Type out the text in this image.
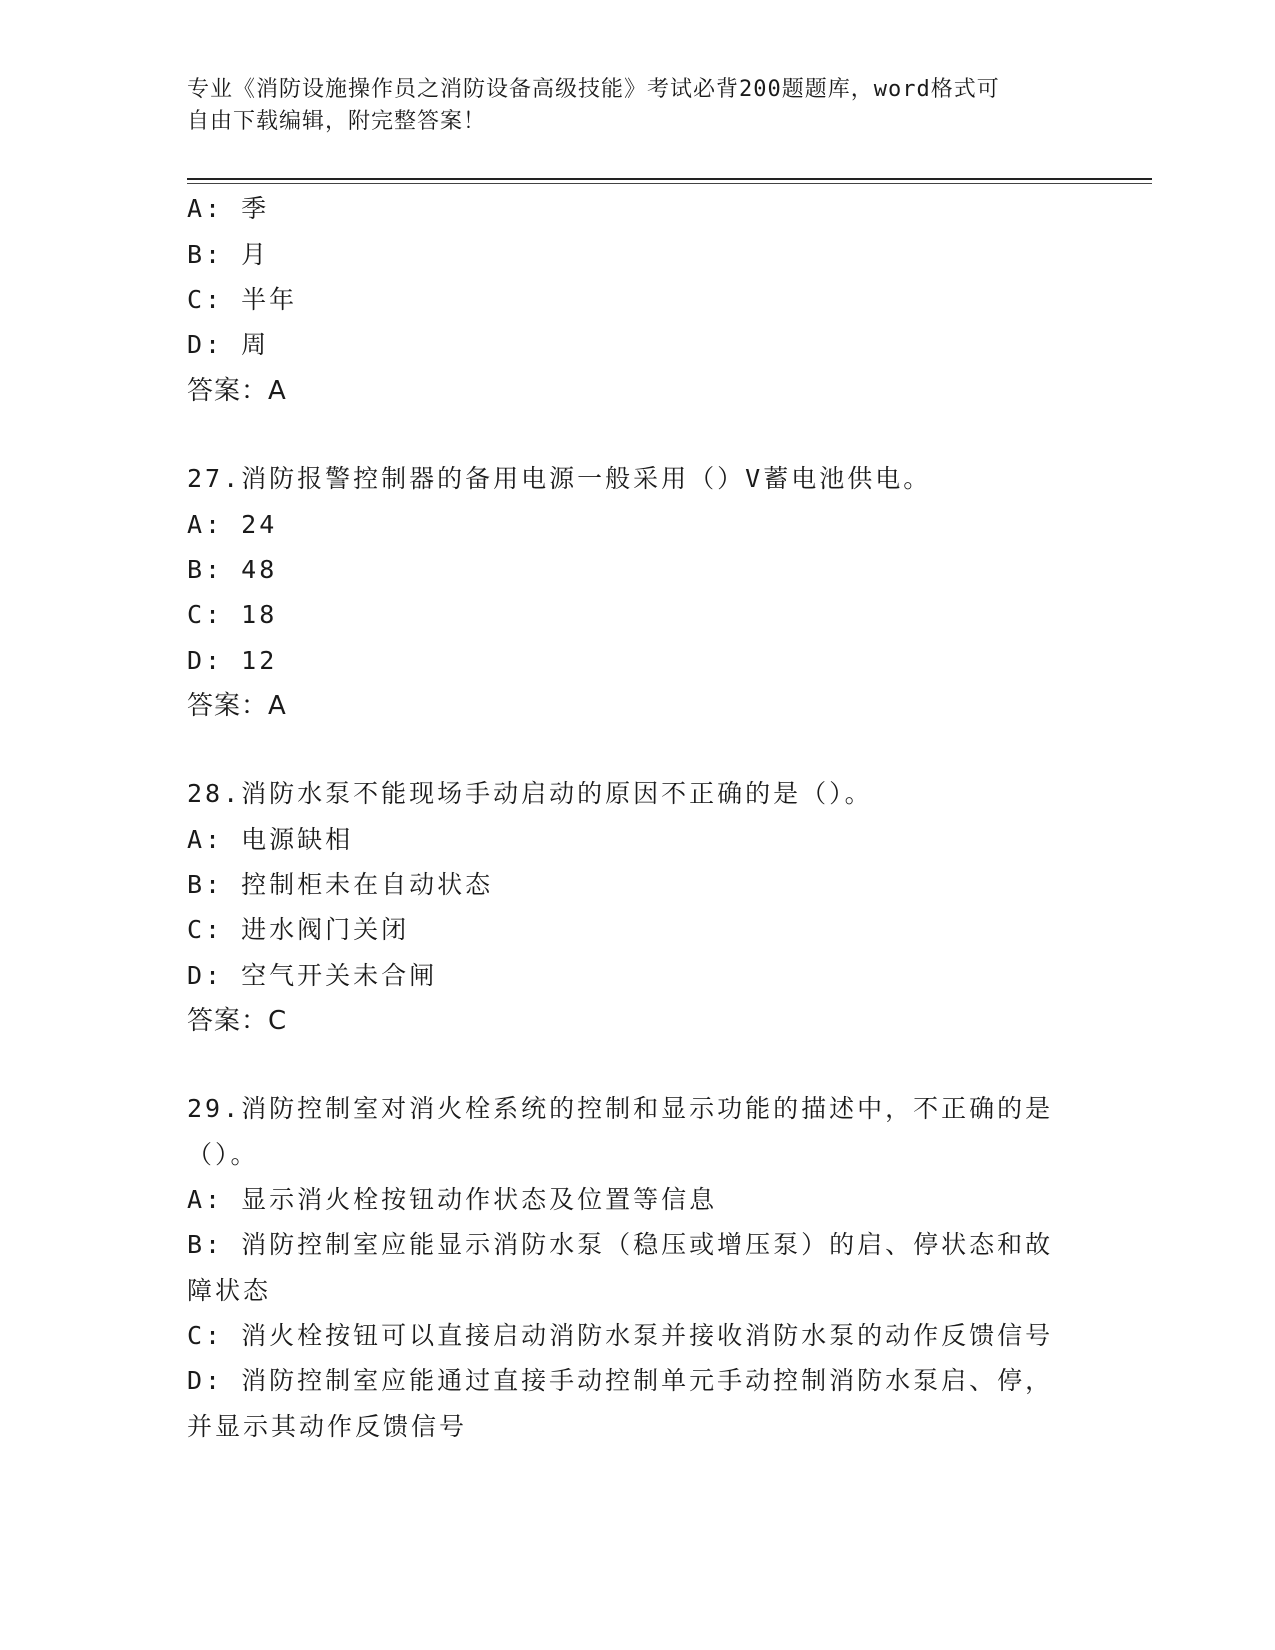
专业《消防设施操作员之消防设备高级技能》考试必背200题题库，word格式可
自由下载编辑，附完整答案！
A: 季
B: 月
C: 半年
D: 周
答案：A
27.消防报警控制器的备用电源一般采用（）V蓄电池供电。
A: 24
B: 48
C: 18
D: 12
答案：A
28.消防水泵不能现场手动启动的原因不正确的是（）。
A: 电源缺相
B: 控制柜未在自动状态
C: 进水阀门关闭
D: 空气开关未合闸
答案：C
29.消防控制室对消火栓系统的控制和显示功能的描述中，不正确的是
（）。
A: 显示消火栓按钮动作状态及位置等信息
B: 消防控制室应能显示消防水泵（稳压或增压泵）的启、停状态和故
障状态
C: 消火栓按钮可以直接启动消防水泵并接收消防水泵的动作反馈信号
D: 消防控制室应能通过直接手动控制单元手动控制消防水泵启、停，
并显示其动作反馈信号
